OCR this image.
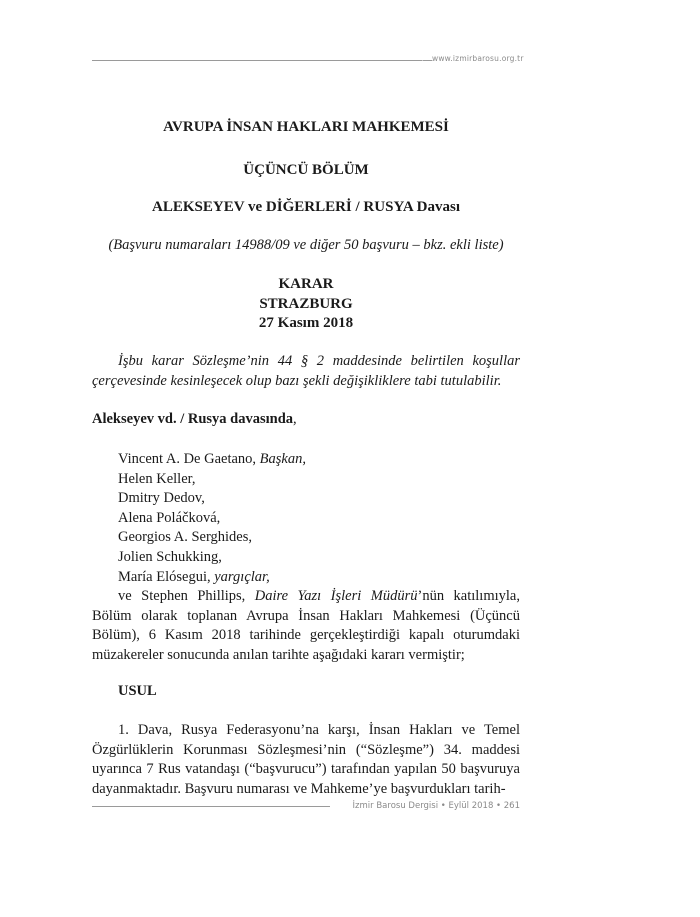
www.izmirbarosu.org.tr
AVRUPA İNSAN HAKLARI MAHKEMESİ
ÜÇÜNCÜ BÖLÜM
ALEKSEYEV ve DİĞERLERİ / RUSYA Davası
(Başvuru numaraları 14988/09 ve diğer 50 başvuru – bkz. ekli liste)
KARAR
STRAZBURG
27 Kasım 2018
İşbu karar Sözleşme’nin 44 § 2 maddesinde belirtilen koşullar çerçevesinde kesinleşecek olup bazı şekli değişikliklere tabi tutulabilir.
Alekseyev vd. / Rusya davasında,
Vincent A. De Gaetano, Başkan,
Helen Keller,
Dmitry Dedov,
Alena Poláčková,
Georgios A. Serghides,
Jolien Schukking,
María Elósegui, yargıçlar,
ve Stephen Phillips, Daire Yazı İşleri Müdürü’nün katılımıyla, Bölüm olarak toplanan Avrupa İnsan Hakları Mahkemesi (Üçüncü Bölüm), 6 Kasım 2018 tarihinde gerçekleştirdiği kapalı oturumdaki müzakereler sonucunda anılan tarihte aşağıdaki kararı vermiştir;
USUL
1. Dava, Rusya Federasyonu’na karşı, İnsan Hakları ve Temel Özgürlüklerin Korunması Sözleşmesi’nin (“Sözleşme”) 34. maddesi uyarınca 7 Rus vatandaşı (“başvurucu”) tarafından yapılan 50 başvuruya dayanmaktadır. Başvuru numarası ve Mahkeme’ye başvurdukları tarih-
İzmir Barosu Dergisi • Eylül 2018 • 261
